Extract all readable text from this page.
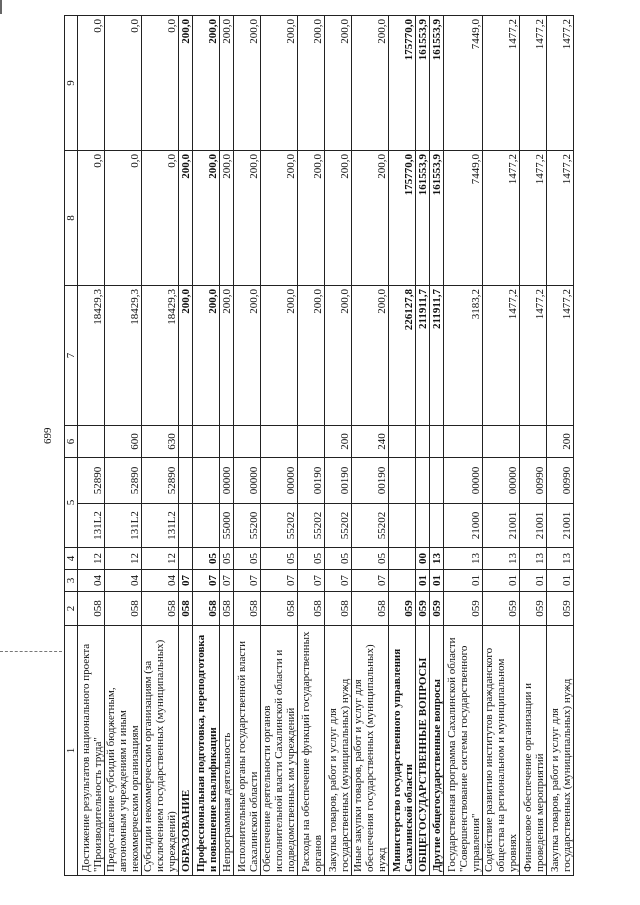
699
1	2	3	4	5		6	7	8	9
Достижение результатов национального проекта "Производительность труда"	058	04	12	131L2	52890		18429,3	0,0	0,0
Предоставление субсидий бюджетным, автономным учреждениям и иным некоммерческим организациям	058	04	12	131L2	52890	600	18429,3	0,0	0,0
Субсидии некоммерческим организациям (за исключением государственных (муниципальных) учреждений)	058	04	12	131L2	52890	630	18429,3	0,0	0,0
ОБРАЗОВАНИЕ	058	07					200,0	200,0	200,0
Профессиональная подготовка, переподготовка и повышение квалификации	058	07	05				200,0	200,0	200,0
Непрограммная деятельность	058	07	05	55000	00000		200,0	200,0	200,0
Исполнительные органы государственной власти Сахалинской области	058	07	05	55200	00000		200,0	200,0	200,0
Обеспечение деятельности органов исполнительной власти Сахалинской области и подведомственных им учреждений	058	07	05	55202	00000		200,0	200,0	200,0
Расходы на обеспечение функций государственных органов	058	07	05	55202	00190		200,0	200,0	200,0
Закупка товаров, работ и услуг для государственных (муниципальных) нужд	058	07	05	55202	00190	200	200,0	200,0	200,0
Иные закупки товаров, работ и услуг для обеспечения государственных (муниципальных) нужд	058	07	05	55202	00190	240	200,0	200,0	200,0
Министерство государственного управления Сахалинской области	059						226127,8	175770,0	175770,0
ОБЩЕГОСУДАРСТВЕННЫЕ ВОПРОСЫ	059	01	00				211911,7	161553,9	161553,9
Другие общегосударственные вопросы	059	01	13				211911,7	161553,9	161553,9
Государственная программа Сахалинской области "Совершенствование системы государственного управления"	059	01	13	21000	00000		3183,2	7449,0	7449,0
Содействие развитию институтов гражданского общества на региональном и муниципальном уровнях	059	01	13	21001	00000		1477,2	1477,2	1477,2
Финансовое обеспечение организации и проведения мероприятий	059	01	13	21001	00990		1477,2	1477,2	1477,2
Закупка товаров, работ и услуг для государственных (муниципальных) нужд	059	01	13	21001	00990	200	1477,2	1477,2	1477,2
